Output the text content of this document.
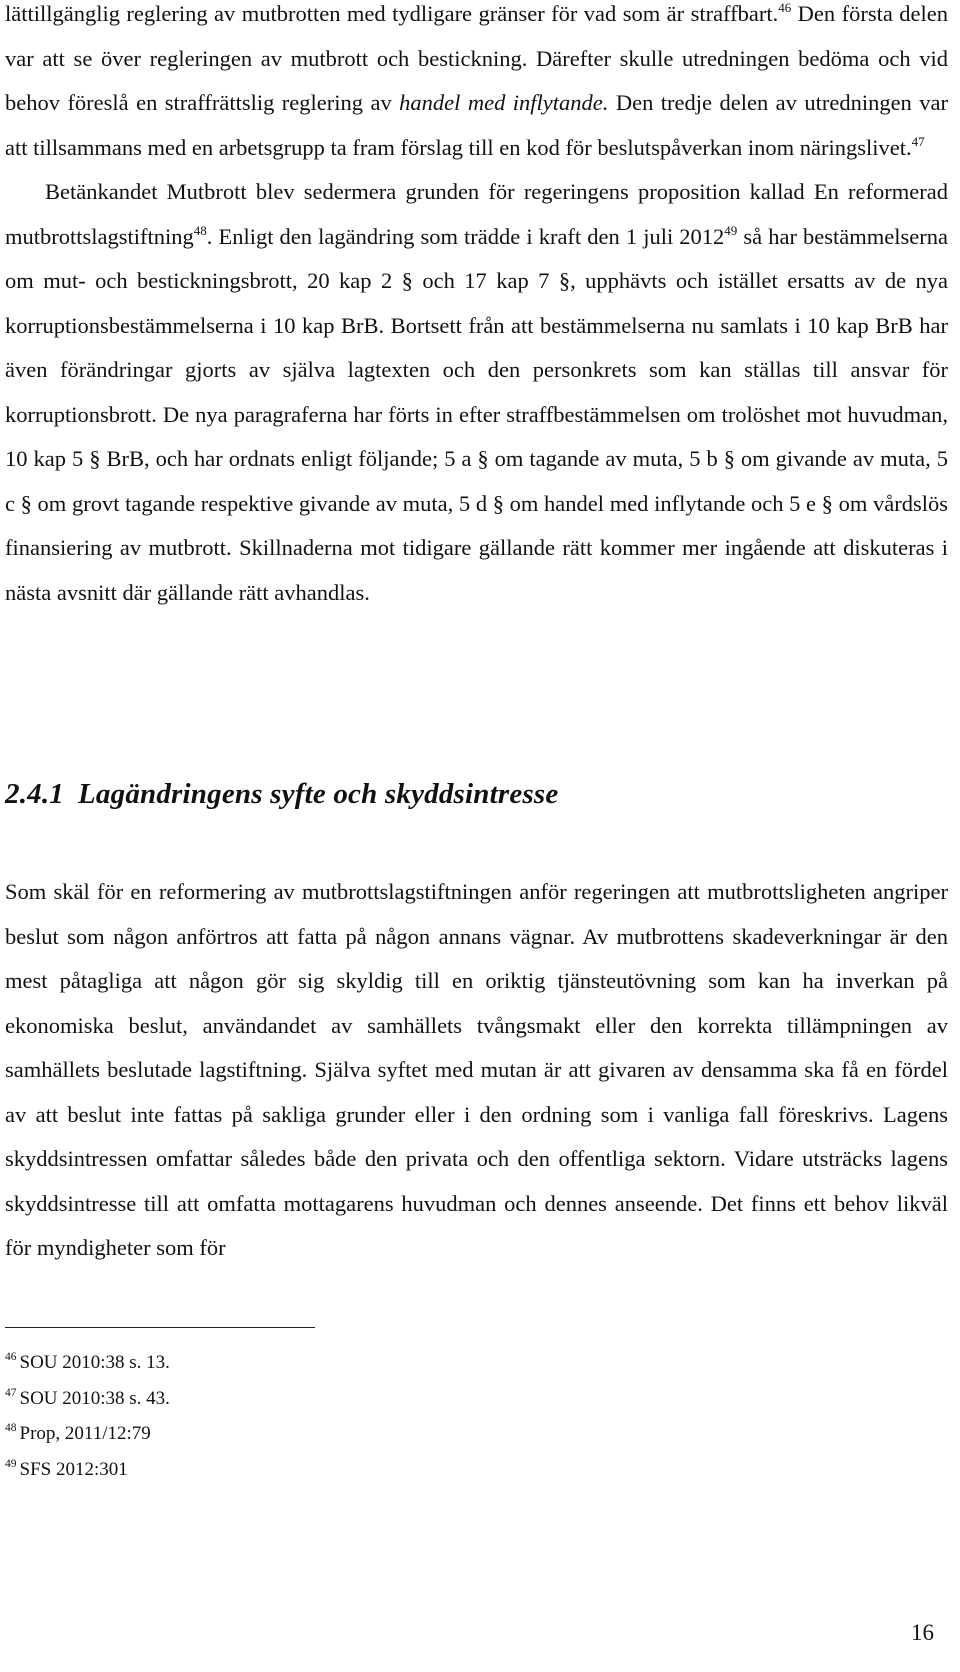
lättillgänglig reglering av mutbrotten med tydligare gränser för vad som är straffbart.$^{46}$ Den första delen var att se över regleringen av mutbrott och bestickning. Därefter skulle utredningen bedöma och vid behov föreslå en straffrättslig reglering av handel med inflytande. Den tredje delen av utredningen var att tillsammans med en arbetsgrupp ta fram förslag till en kod för beslutspåverkan inom näringslivet.$^{47}$

Betänkandet Mutbrott blev sedermera grunden för regeringens proposition kallad En reformerad mutbrottslagstiftning$^{48}$. Enligt den lagändring som trädde i kraft den 1 juli 2012$^{49}$ så har bestämmelserna om mut- och bestickningsbrott, 20 kap 2 § och 17 kap 7 §, upphävts och istället ersatts av de nya korruptionsbestämmelserna i 10 kap BrB. Bortsett från att bestämmelserna nu samlats i 10 kap BrB har även förändringar gjorts av själva lagtexten och den personkrets som kan ställas till ansvar för korruptionsbrott. De nya paragraferna har förts in efter straffbestämmelsen om trolöshet mot huvudman, 10 kap 5 § BrB, och har ordnats enligt följande; 5 a § om tagande av muta, 5 b § om givande av muta, 5 c § om grovt tagande respektive givande av muta, 5 d § om handel med inflytande och 5 e § om vårdslös finansiering av mutbrott. Skillnaderna mot tidigare gällande rätt kommer mer ingående att diskuteras i nästa avsnitt där gällande rätt avhandlas.

2.4.1 Lagändringens syfte och skyddsintresse

Som skäl för en reformering av mutbrottslagstiftningen anför regeringen att mutbrottsligheten angriper beslut som någon anförtros att fatta på någon annans vägnar. Av mutbrottens skadeverkningar är den mest påtagliga att någon gör sig skyldig till en oriktig tjänsteutövning som kan ha inverkan på ekonomiska beslut, användandet av samhällets tvångsmakt eller den korrekta tillämpningen av samhällets beslutade lagstiftning. Själva syftet med mutan är att givaren av densamma ska få en fördel av att beslut inte fattas på sakliga grunder eller i den ordning som i vanliga fall föreskrivs. Lagens skyddsintressen omfattar således både den privata och den offentliga sektorn. Vidare utsträcks lagens skyddsintresse till att omfatta mottagarens huvudman och dennes anseende. Det finns ett behov likväl för myndigheter som för

$^{46}$ SOU 2010:38 s. 13.
$^{47}$ SOU 2010:38 s. 43.
$^{48}$ Prop, 2011/12:79
$^{49}$ SFS 2012:301
16
